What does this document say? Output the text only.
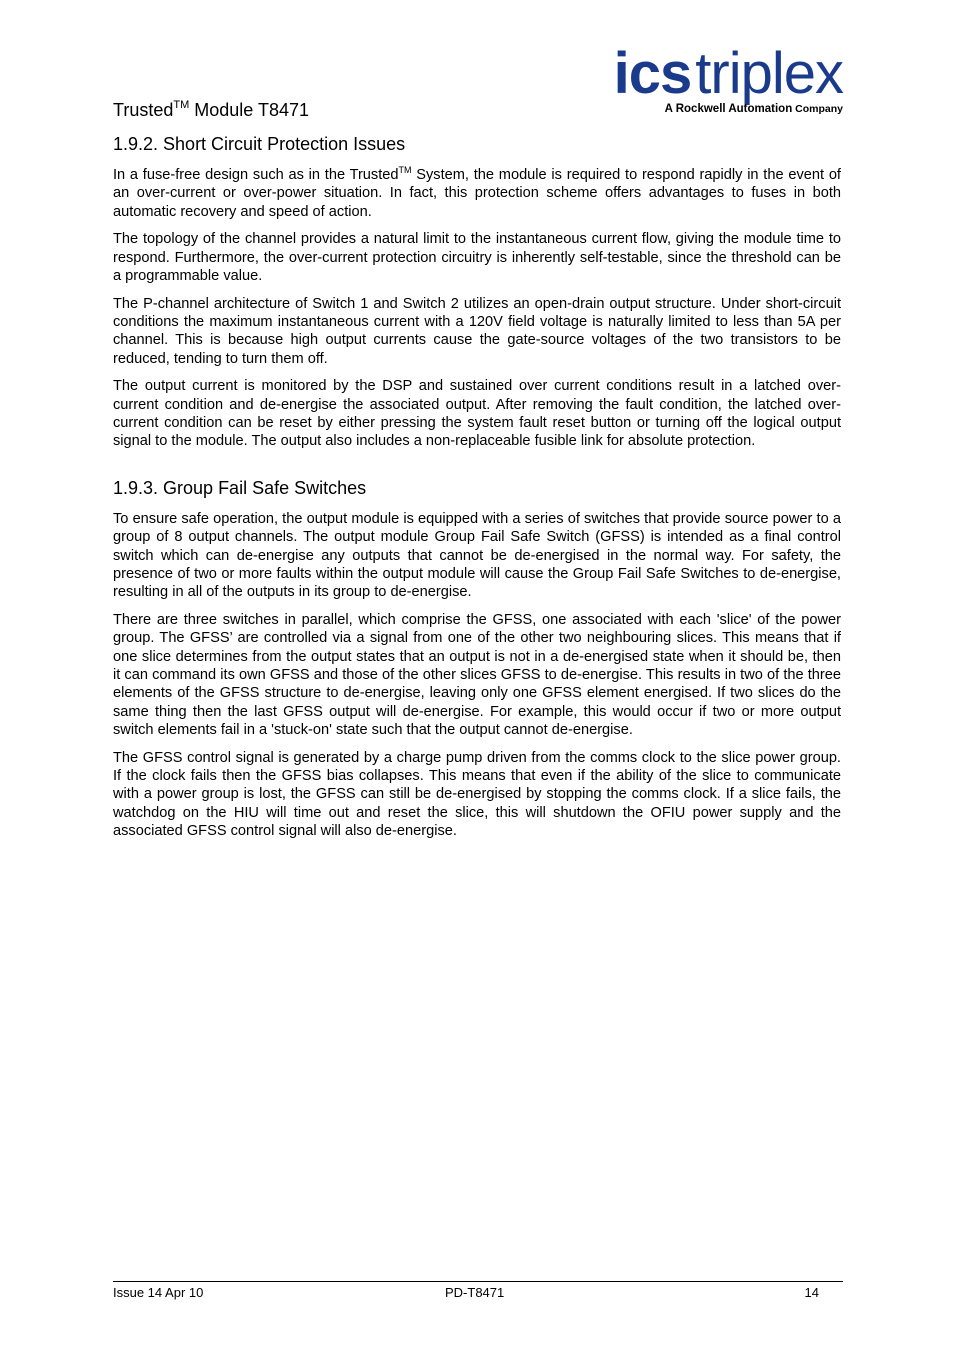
Trusted™ Module T8471
icstriplex
A Rockwell Automation Company
1.9.2. Short Circuit Protection Issues

In a fuse-free design such as in the Trusted™ System, the module is required to respond rapidly in the event of an over-current or over-power situation. In fact, this protection scheme offers advantages to fuses in both automatic recovery and speed of action.

The topology of the channel provides a natural limit to the instantaneous current flow, giving the module time to respond. Furthermore, the over-current protection circuitry is inherently self-testable, since the threshold can be a programmable value.

The P-channel architecture of Switch 1 and Switch 2 utilizes an open-drain output structure. Under short-circuit conditions the maximum instantaneous current with a 120V field voltage is naturally limited to less than 5A per channel. This is because high output currents cause the gate-source voltages of the two transistors to be reduced, tending to turn them off.

The output current is monitored by the DSP and sustained over current conditions result in a latched over-current condition and de-energise the associated output. After removing the fault condition, the latched over-current condition can be reset by either pressing the system fault reset button or turning off the logical output signal to the module. The output also includes a non-replaceable fusible link for absolute protection.

1.9.3. Group Fail Safe Switches

To ensure safe operation, the output module is equipped with a series of switches that provide source power to a group of 8 output channels. The output module Group Fail Safe Switch (GFSS) is intended as a final control switch which can de-energise any outputs that cannot be de-energised in the normal way. For safety, the presence of two or more faults within the output module will cause the Group Fail Safe Switches to de-energise, resulting in all of the outputs in its group to de-energise.

There are three switches in parallel, which comprise the GFSS, one associated with each 'slice' of the power group. The GFSS’ are controlled via a signal from one of the other two neighbouring slices. This means that if one slice determines from the output states that an output is not in a de-energised state when it should be, then it can command its own GFSS and those of the other slices GFSS to de-energise. This results in two of the three elements of the GFSS structure to de-energise, leaving only one GFSS element energised. If two slices do the same thing then the last GFSS output will de-energise. For example, this would occur if two or more output switch elements fail in a 'stuck-on' state such that the output cannot de-energise.

The GFSS control signal is generated by a charge pump driven from the comms clock to the slice power group. If the clock fails then the GFSS bias collapses. This means that even if the ability of the slice to communicate with a power group is lost, the GFSS can still be de-energised by stopping the comms clock. If a slice fails, the watchdog on the HIU will time out and reset the slice, this will shutdown the OFIU power supply and the associated GFSS control signal will also de-energise.

Issue 14 Apr 10	PD-T8471	14
